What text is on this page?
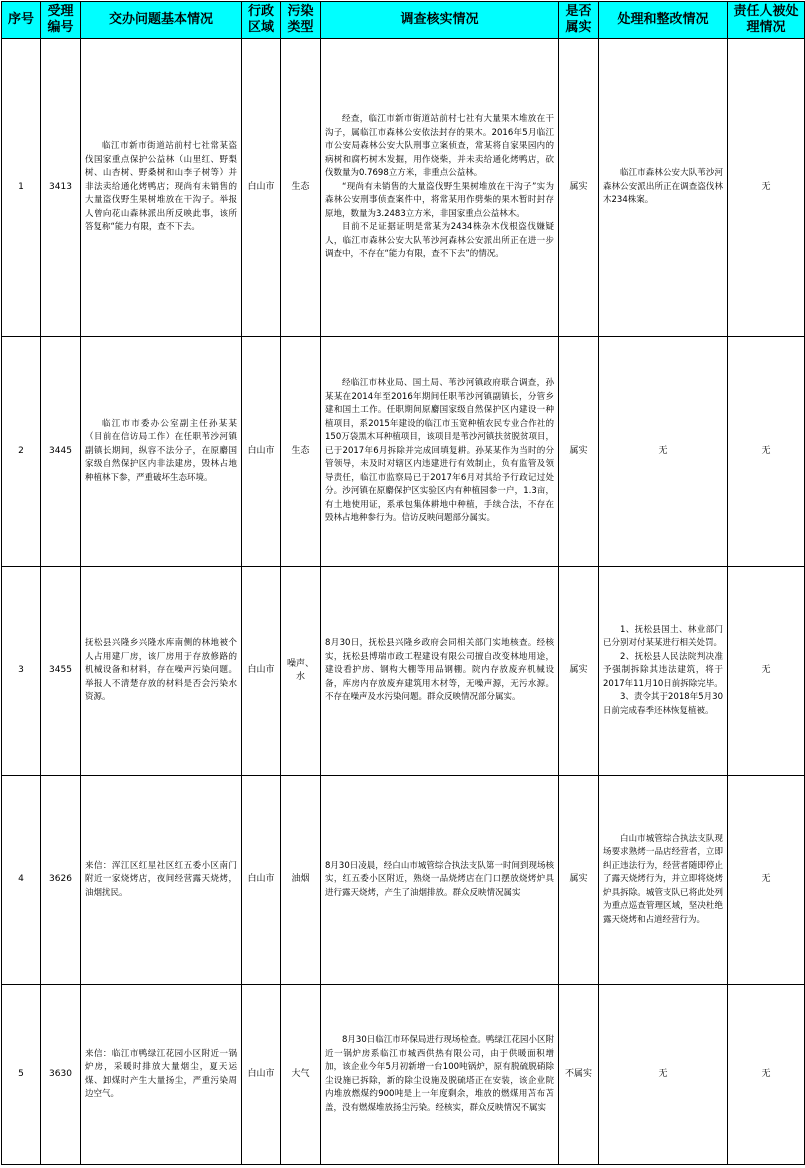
序号	受理编号	交办问题基本情况	行政区域	污染类型	调查核实情况	是否属实	处理和整改情况	责任人被处理情况
1	3413	临江市新市街道站前村七社常某盗伐国家重点保护公益林（山里红、野梨树、山杏树、野桑树和山李子树等）并非法卖给通化烤鸭店；现尚有未销售的大量盗伐野生果树堆放在干沟子。举报人曾向花山森林派出所反映此事，该所答复称“能力有限，查不下去。	白山市	生态	经查，临江市新市街道站前村七社有大量果木堆放在干沟子，属临江市森林公安依法封存的果木。2016年5月临江市公安局森林公安大队刑事立案侦查，常某将自家果园内的病树和腐朽树木发掘，用作烧柴，并未卖给通化烤鸭店，砍伐数量为0.7698立方米，非重点公益林。
“现尚有未销售的大量盗伐野生果树堆放在干沟子”实为森林公安刑事侦查案件中，将常某用作劈柴的果木暂时封存原地，数量为3.2483立方米，非国家重点公益林木。
目前不足证据证明是常某为2434株杂木伐根盗伐嫌疑人，临江市森林公安大队苇沙河森林公安派出所正在进一步调查中，不存在“能力有限，查不下去”的情况。	属实	临江市森林公安大队苇沙河森林公安派出所正在调查盗伐林木234株案。	无
2	3445	临江市市委办公室副主任孙某某（目前在信访局工作）在任职苇沙河镇副镇长期间，纵容不法分子，在原麝国家级自然保护区内非法建房，毁林占地种植林下参，严重破坏生态环境。	白山市	生态	经临江市林业局、国土局、苇沙河镇政府联合调查，孙某某在2014年至2016年期间任职苇沙河镇副镇长，分管乡建和国土工作。任职期间原麝国家级自然保护区内建设一种植项目，系2015年建设的临江市玉宽种植农民专业合作社的150万袋黑木耳种植项目，该项目是苇沙河镇扶贫脱贫项目，已于2017年6月拆除并完成回填复耕。孙某某作为当时的分管领导，未及时对辖区内违建进行有效制止，负有监管及领导责任，临江市监察局已于2017年6月对其给予行政记过处分。沙河镇在原麝保护区实验区内有种植园参一户，1.3亩，有土地使用证，系承包集体耕地中种植，手续合法，不存在毁林占地种参行为。信访反映问题部分属实。	属实	无	无
3	3455	抚松县兴隆乡兴隆水库南侧的林地被个人占用建厂房，该厂房用于存放修路的机械设备和材料，存在噪声污染问题。举报人不清楚存放的材料是否会污染水资源。	白山市	噪声、水	8月30日，抚松县兴隆乡政府会同相关部门实地核查。经核实，抚松县博瑞市政工程建设有限公司擅自改变林地用途，建设看护房、钢构大棚等用品钢棚。院内存放废弃机械设备，库房内存放废弃建筑用木材等，无噪声源，无污水源。不存在噪声及水污染问题。群众反映情况部分属实。	属实	1、抚松县国土、林业部门已分别对付某某进行相关处罚。
2、抚松县人民法院判决准予强制拆除其违法建筑，将于2017年11月10日前拆除完毕。
3、责令其于2018年5月30日前完成春季还林恢复植被。	无
4	3626	来信：浑江区红星社区红五委小区南门附近一家烧烤店，夜间经营露天烧烤，油烟扰民。	白山市	油烟	8月30日凌晨，经白山市城管综合执法支队第一时间到现场核实，红五委小区附近，熟烧一品烧烤店在门口摆放烧烤炉具进行露天烧烤，产生了油烟排放。群众反映情况属实	属实	白山市城管综合执法支队现场要求熟烤一品店经营者，立即纠正违法行为，经营者随即停止了露天烧烤行为，并立即将烧烤炉具拆除。城管支队已将此处列为重点巡查管理区域，坚决杜绝露天烧烤和占道经营行为。	无
5	3630	来信：临江市鸭绿江花园小区附近一锅炉房，采暖时排放大量烟尘，夏天运煤、卸煤时产生大量扬尘，严重污染周边空气。	白山市	大气	8月30日临江市环保局进行现场检查。鸭绿江花园小区附近一锅炉房系临江市城西供热有限公司，由于供暖面积增加，该企业今年5月初新增一台100吨锅炉，原有脱硫脱硝除尘设施已拆除，新的除尘设施及脱硫塔正在安装，该企业院内堆放燃煤约900吨是上一年度剩余，堆放的燃煤用苫布苫盖，没有燃煤堆放扬尘污染。经核实，群众反映情况不属实	不属实	无	无
